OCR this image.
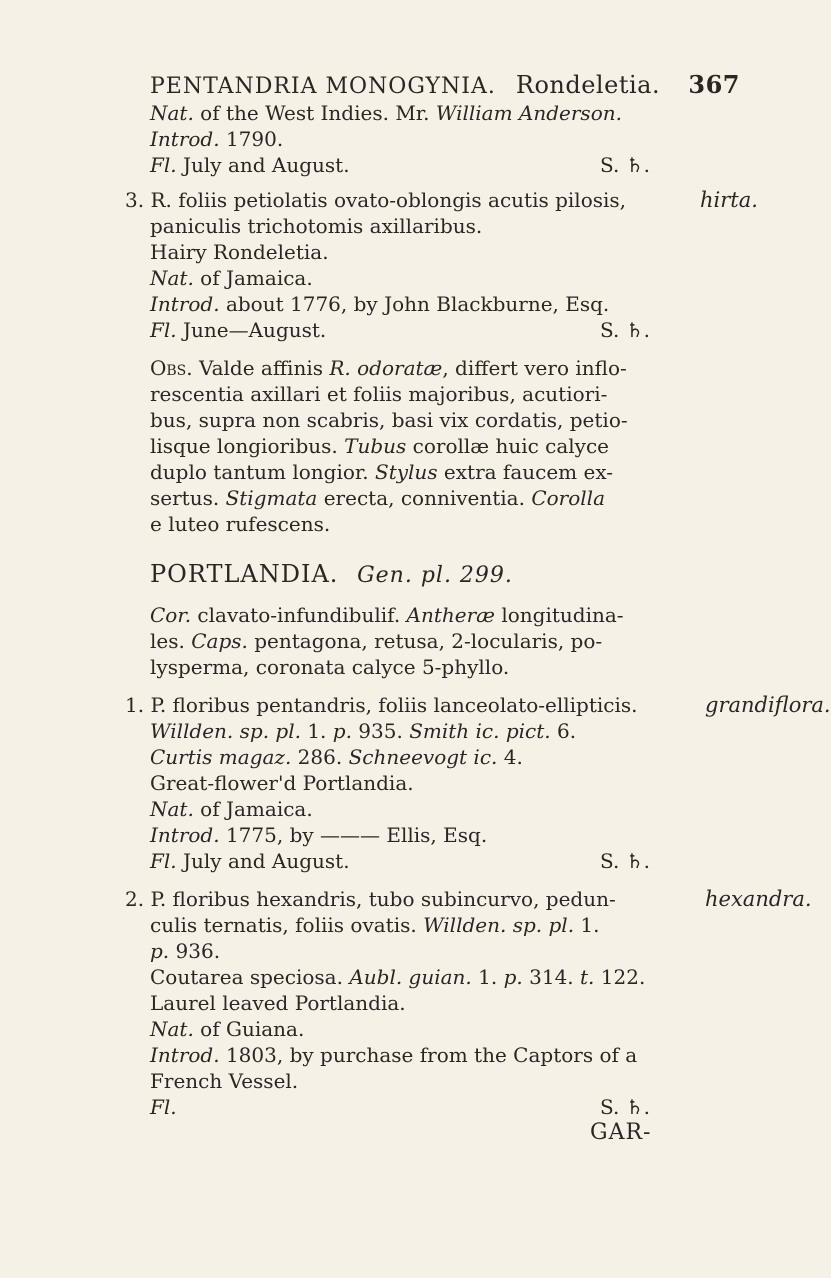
PENTANDRIA MONOGYNIA. Rondeletia.	367
Nat. of the West Indies. Mr. William Anderson.
Introd. 1790.
Fl. July and August.	S. ♄.
3. R. foliis petiolatis ovato-oblongis acutis pilosis,	hirta.
paniculis trichotomis axillaribus.
Hairy Rondeletia.
Nat. of Jamaica.
Introd. about 1776, by John Blackburne, Esq.
Fl. June—August.	S. ♄.
Obs. Valde affinis R. odoratæ, differt vero inflo-
rescentia axillari et foliis majoribus, acutiori-
bus, supra non scabris, basi vix cordatis, petio-
lisque longioribus. Tubus corollæ huic calyce
duplo tantum longior. Stylus extra faucem ex-
sertus. Stigmata erecta, conniventia. Corolla
e luteo rufescens.
PORTLANDIA. Gen. pl. 299.
Cor. clavato-infundibulif. Antheræ longitudina-
les. Caps. pentagona, retusa, 2-locularis, po-
lysperma, coronata calyce 5-phyllo.
1. P. floribus pentandris, foliis lanceolato-ellipticis.	grandiflora.
Willden. sp. pl. 1. p. 935. Smith ic. pict. 6.
Curtis magaz. 286. Schneevogt ic. 4.
Great-flower'd Portlandia.
Nat. of Jamaica.
Introd. 1775, by ——— Ellis, Esq.
Fl. July and August.	S. ♄.
2. P. floribus hexandris, tubo subincurvo, pedun-	hexandra.
culis ternatis, foliis ovatis. Willden. sp. pl. 1.
p. 936.
Coutarea speciosa. Aubl. guian. 1. p. 314. t. 122.
Laurel leaved Portlandia.
Nat. of Guiana.
Introd. 1803, by purchase from the Captors of a
French Vessel.
Fl.	S. ♄.
GAR-
